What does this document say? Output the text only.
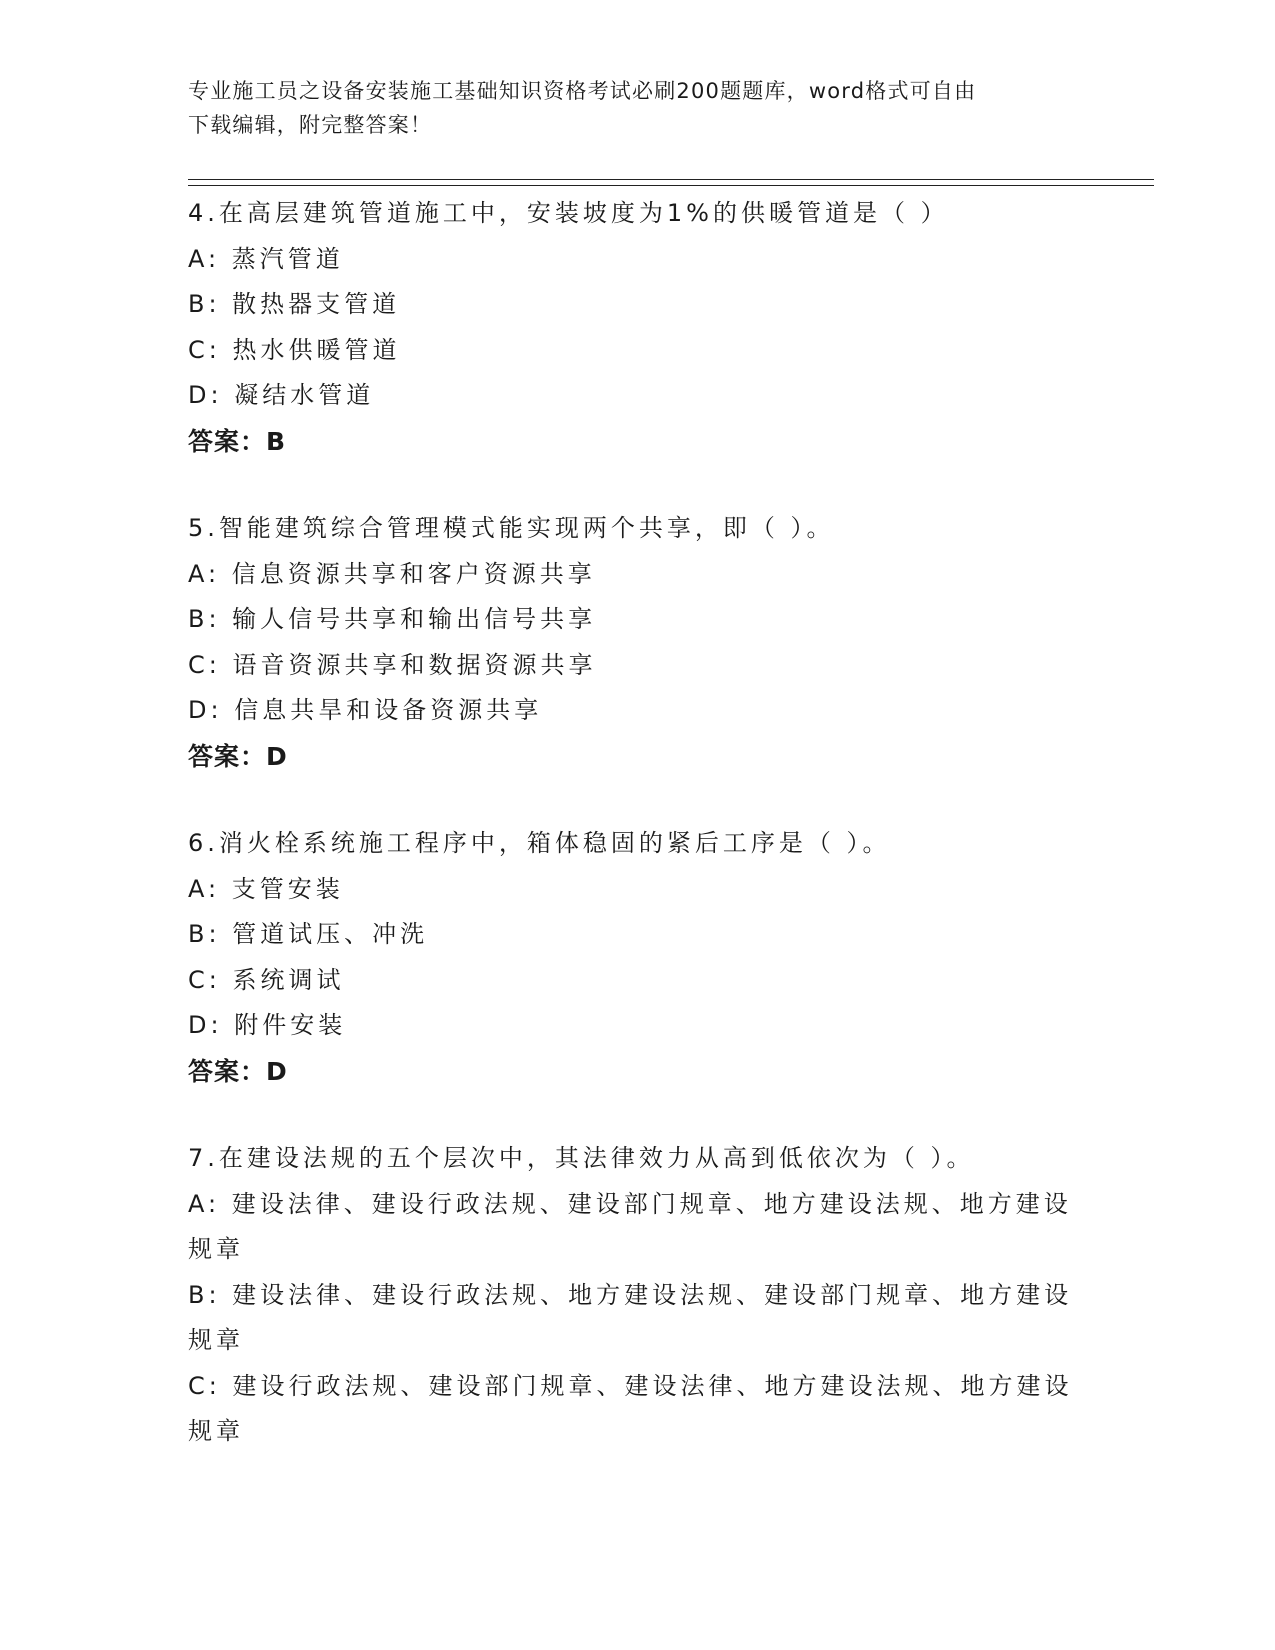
专业施工员之设备安装施工基础知识资格考试必刷200题题库，word格式可自由
下载编辑，附完整答案！
4.在高层建筑管道施工中，安装坡度为1%的供暖管道是（ ）
A: 蒸汽管道
B: 散热器支管道
C: 热水供暖管道
D: 凝结水管道
答案：B
5.智能建筑综合管理模式能实现两个共享，即（ ）。
A: 信息资源共享和客户资源共享
B: 输人信号共享和输出信号共享
C: 语音资源共享和数据资源共享
D: 信息共旱和设备资源共享
答案：D
6.消火栓系统施工程序中，箱体稳固的紧后工序是（ ）。
A: 支管安装
B: 管道试压、冲洗
C: 系统调试
D: 附件安装
答案：D
7.在建设法规的五个层次中，其法律效力从高到低依次为（ ）。
A: 建设法律、建设行政法规、建设部门规章、地方建设法规、地方建设规章
B: 建设法律、建设行政法规、地方建设法规、建设部门规章、地方建设规章
C: 建设行政法规、建设部门规章、建设法律、地方建设法规、地方建设规章
